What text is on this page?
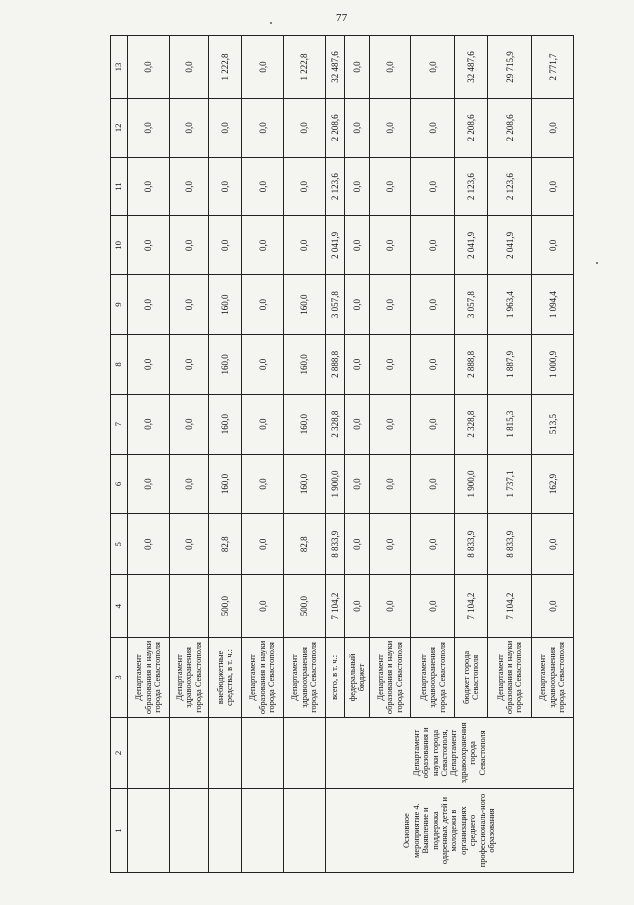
77
1	2	3	4	5	6	7	8	9	10	11	12	13
		Департамент образования и науки города Севастополя		0,0	0,0	0,0	0,0	0,0	0,0	0,0	0,0	0,0
		Департамент здравоохранения города Севастополя		0,0	0,0	0,0	0,0	0,0	0,0	0,0	0,0	0,0
		внебюджетные средства, в т. ч.:	500,0	82,8	160,0	160,0	160,0	160,0	0,0	0,0	0,0	1 222,8
		Департамент образования и науки города Севастополя	0,0	0,0	0,0	0,0	0,0	0,0	0,0	0,0	0,0	0,0
		Департамент здравоохранения города Севастополя	500,0	82,8	160,0	160,0	160,0	160,0	0,0	0,0	0,0	1 222,8
Основное мероприятие 4. Выявление и поддержка одаренных детей и молодежи в организациях среднего профессиональ-ного образования	Департамент образования и науки города Севастополя, Департамент здравоохранения города Севастополя	всего, в т. ч.:	7 104,2	8 833,9	1 900,0	2 328,8	2 888,8	3 057,8	2 041,9	2 123,6	2 208,6	32 487,6
		федеральный бюджет	0,0	0,0	0,0	0,0	0,0	0,0	0,0	0,0	0,0	0,0
		Департамент образования и науки города Севастополя	0,0	0,0	0,0	0,0	0,0	0,0	0,0	0,0	0,0	0,0
		Департамент здравоохранения города Севастополя	0,0	0,0	0,0	0,0	0,0	0,0	0,0	0,0	0,0	0,0
		бюджет города Севастополя	7 104,2	8 833,9	1 900,0	2 328,8	2 888,8	3 057,8	2 041,9	2 123,6	2 208,6	32 487,6
		Департамент образования и науки города Севастополя	7 104,2	8 833,9	1 737,1	1 815,3	1 887,9	1 963,4	2 041,9	2 123,6	2 208,6	29 715,9
		Департамент здравоохранения города Севастополя	0,0	0,0	162,9	513,5	1 000,9	1 094,4	0,0	0,0	0,0	2 771,7
